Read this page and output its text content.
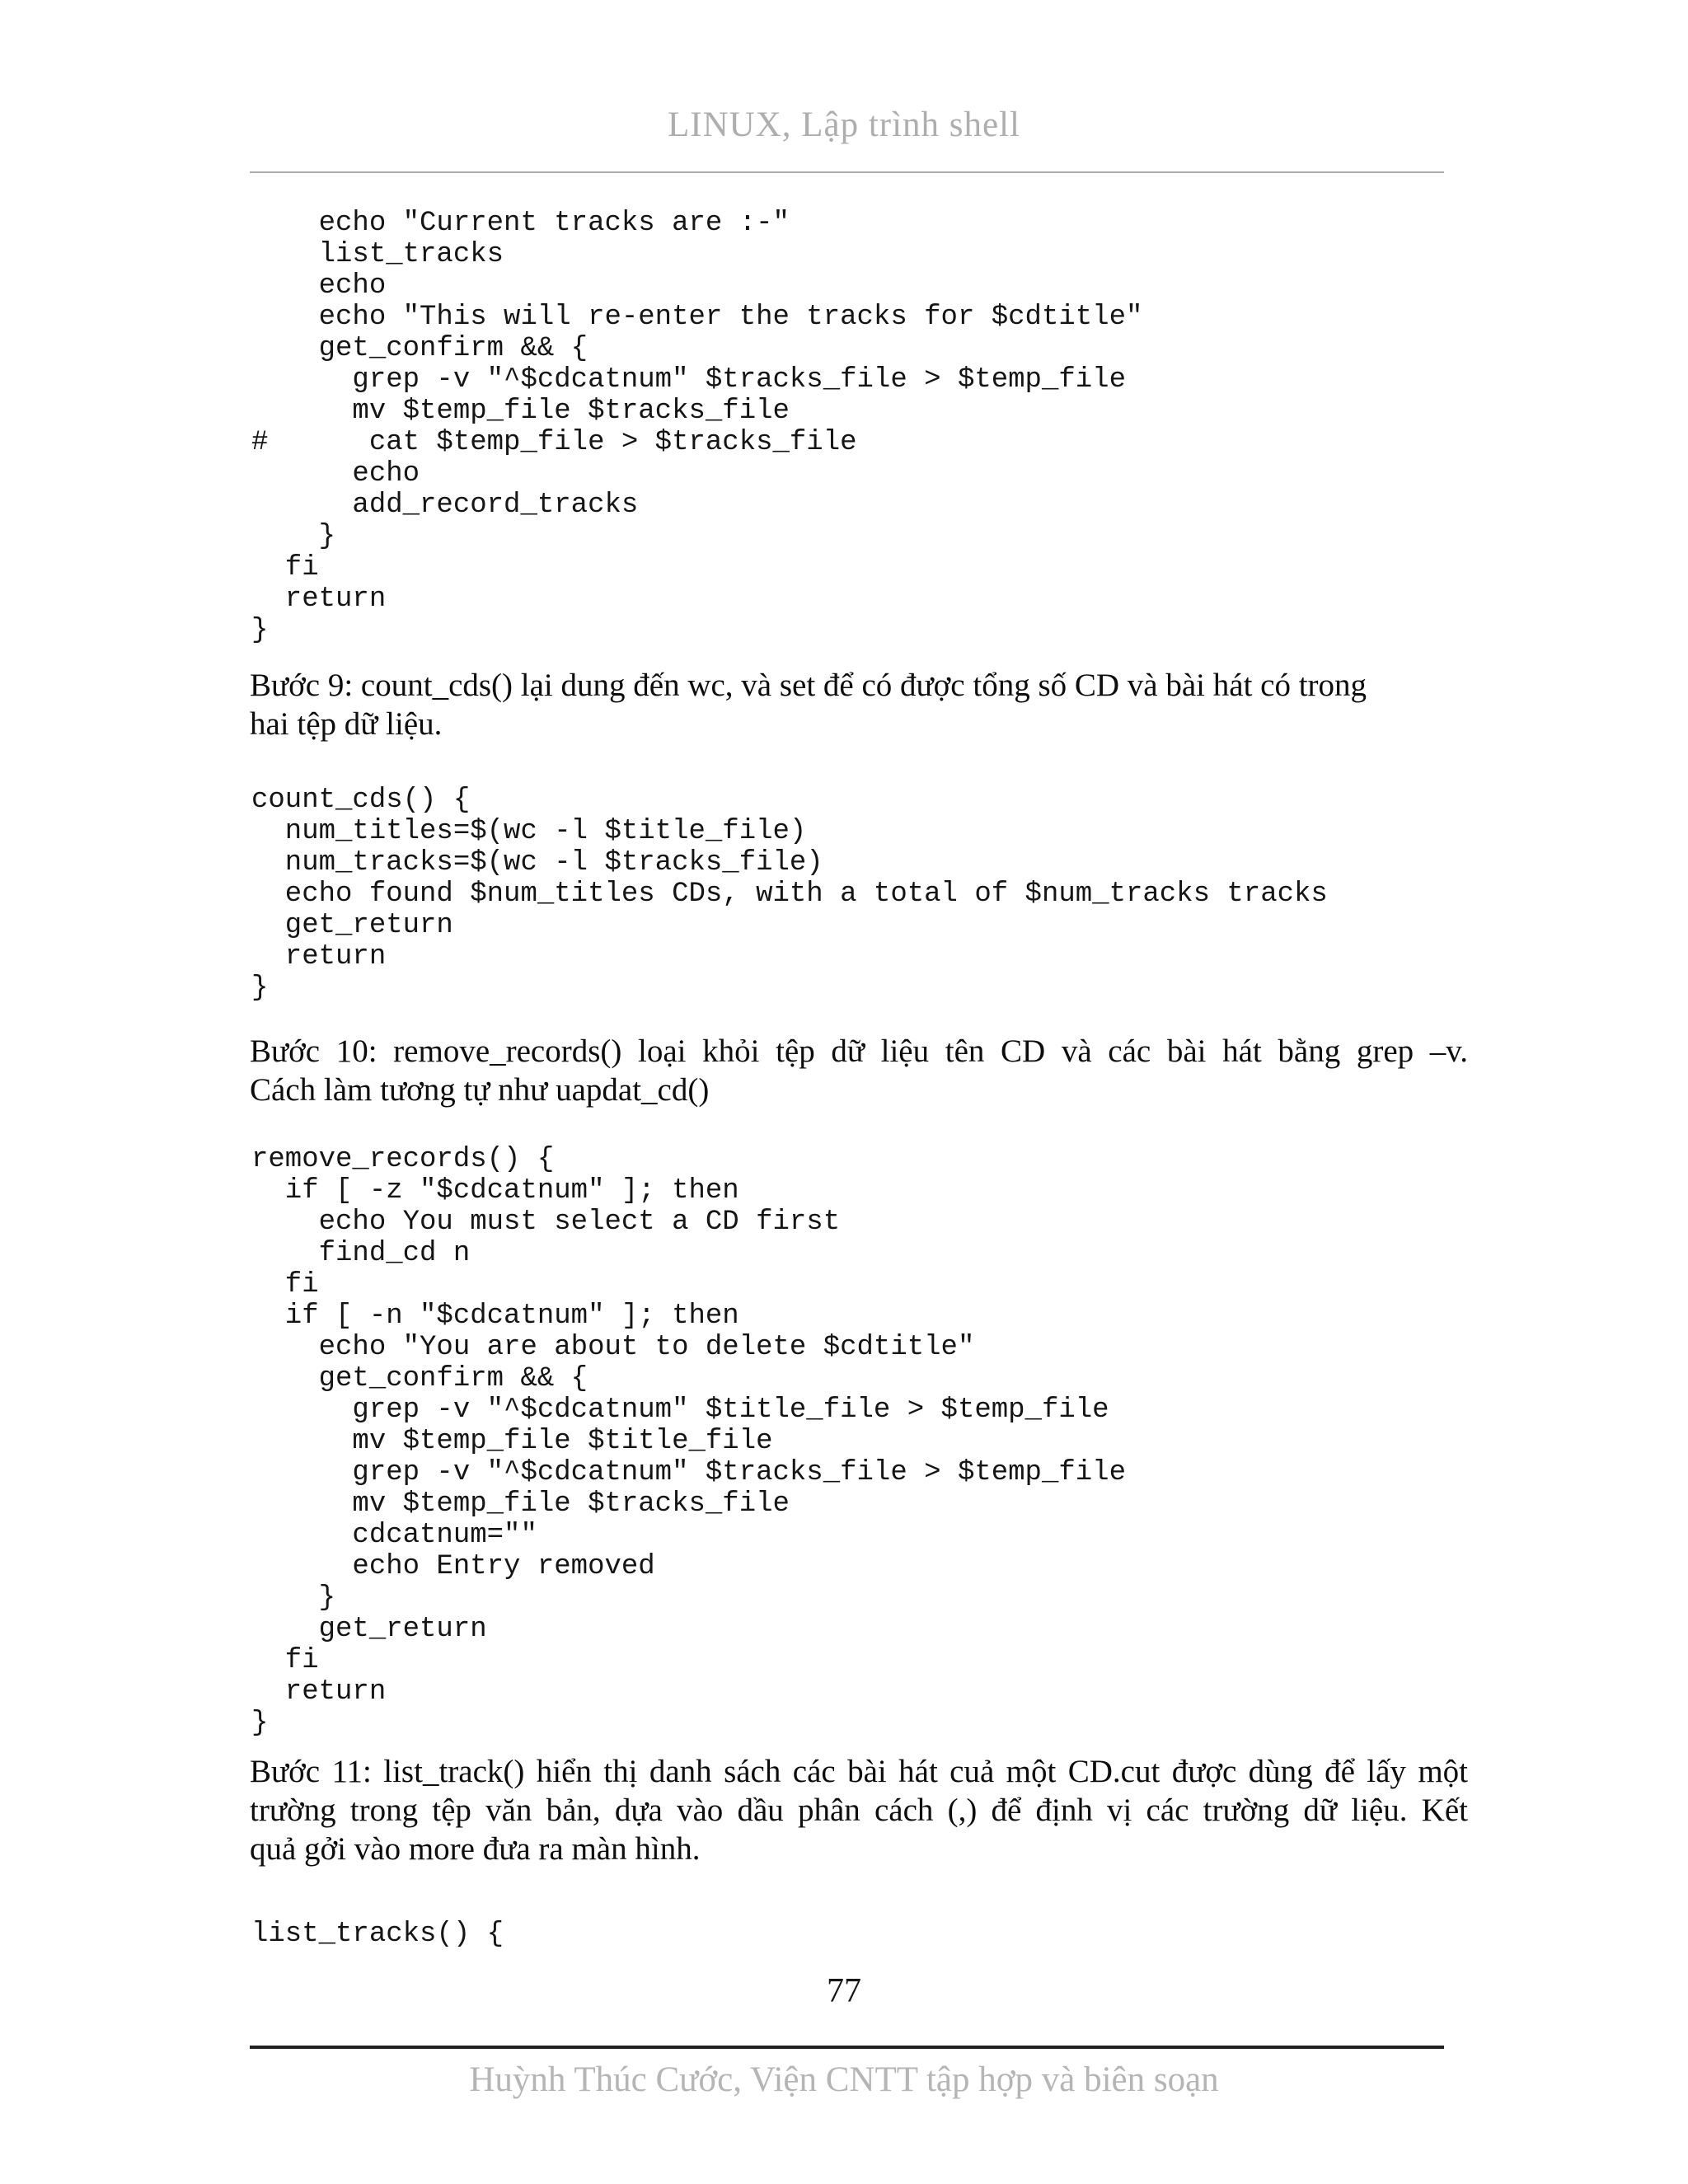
LINUX, Lập trình shell
echo "Current tracks are :-"
list_tracks
echo
echo "This will re-enter the tracks for $cdtitle"
get_confirm && {
grep -v "^$cdcatnum" $tracks_file > $temp_file
mv $temp_file $tracks_file
#      cat $temp_file > $tracks_file
echo
add_record_tracks
}
fi
return
}
Bước 9: count_cds() lại dung đến wc, và set để có được tổng số CD và bài hát có trong
hai tệp dữ liệu.
count_cds() {
num_titles=$(wc -l $title_file)
num_tracks=$(wc -l $tracks_file)
echo found $num_titles CDs, with a total of $num_tracks tracks
get_return
return
}
Bước 10: remove_records() loại khỏi tệp dữ liệu tên CD và các bài hát bằng grep –v.
Cách làm tương tự như uapdat_cd()
remove_records() {
if [ -z "$cdcatnum" ]; then
echo You must select a CD first
find_cd n
fi
if [ -n "$cdcatnum" ]; then
echo "You are about to delete $cdtitle"
get_confirm && {
grep -v "^$cdcatnum" $title_file > $temp_file
mv $temp_file $title_file
grep -v "^$cdcatnum" $tracks_file > $temp_file
mv $temp_file $tracks_file
cdcatnum=""
echo Entry removed
}
get_return
fi
return
}
Bước 11: list_track() hiển thị danh sách các bài hát cuả một CD.cut được dùng để lấy một
trường trong tệp văn bản, dựa vào dầu phân cách (,) để định vị các trường dữ liệu. Kết
quả gởi vào more đưa ra màn hình.
list_tracks() {
77
Huỳnh Thúc Cước, Viện CNTT tập hợp và biên soạn
